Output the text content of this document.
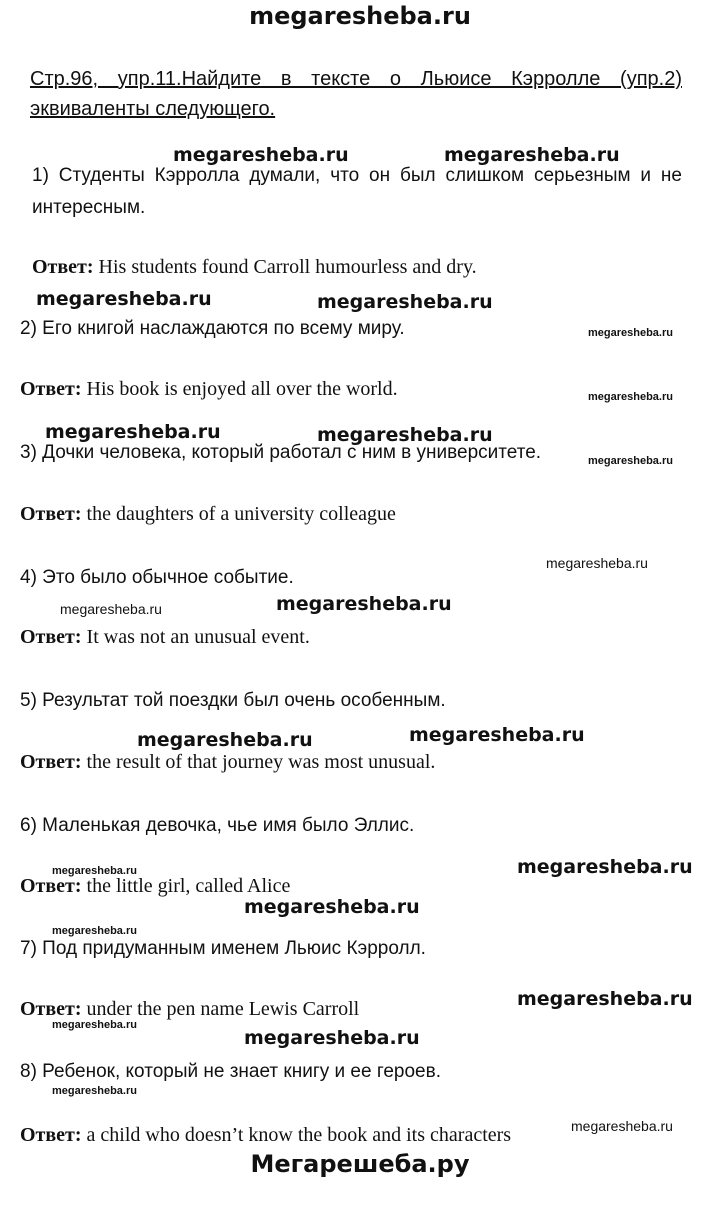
megaresheba.ru
Стр.96, упр.11.Найдите в тексте о Льюисе Кэрролле (упр.2)
эквиваленты следующего.
1) Студенты Кэрролла думали, что он был слишком серьезным и не интересным.
Ответ: His students found Carroll humourless and dry.
2) Его книгой наслаждаются по всему миру.
Ответ: His book is enjoyed all over the world.
3) Дочки человека, который работал с ним в университете.
Ответ: the daughters of a university colleague
4) Это было обычное событие.
Ответ: It was not an unusual event.
5) Результат той поездки был очень особенным.
Ответ: the result of that journey was most unusual.
6) Маленькая девочка, чье имя было Эллис.
Ответ: the little girl, called Alice
7) Под придуманным именем Льюис Кэрролл.
Ответ: under the pen name Lewis Carroll
8) Ребенок, который не знает книгу и ее героев.
Ответ: a child who doesn’t know the book and its characters
megaresheba.ru	megaresheba.ru
megaresheba.ru	megaresheba.ru
megaresheba.ru
megaresheba.ru
megaresheba.ru	megaresheba.ru
megaresheba.ru
megaresheba.ru
megaresheba.ru	megaresheba.ru
megaresheba.ru	megaresheba.ru
megaresheba.ru	megaresheba.ru
megaresheba.ru
megaresheba.ru
megaresheba.ru
megaresheba.ru
megaresheba.ru
megaresheba.ru
megaresheba.ru
Мегарешеба.ру
